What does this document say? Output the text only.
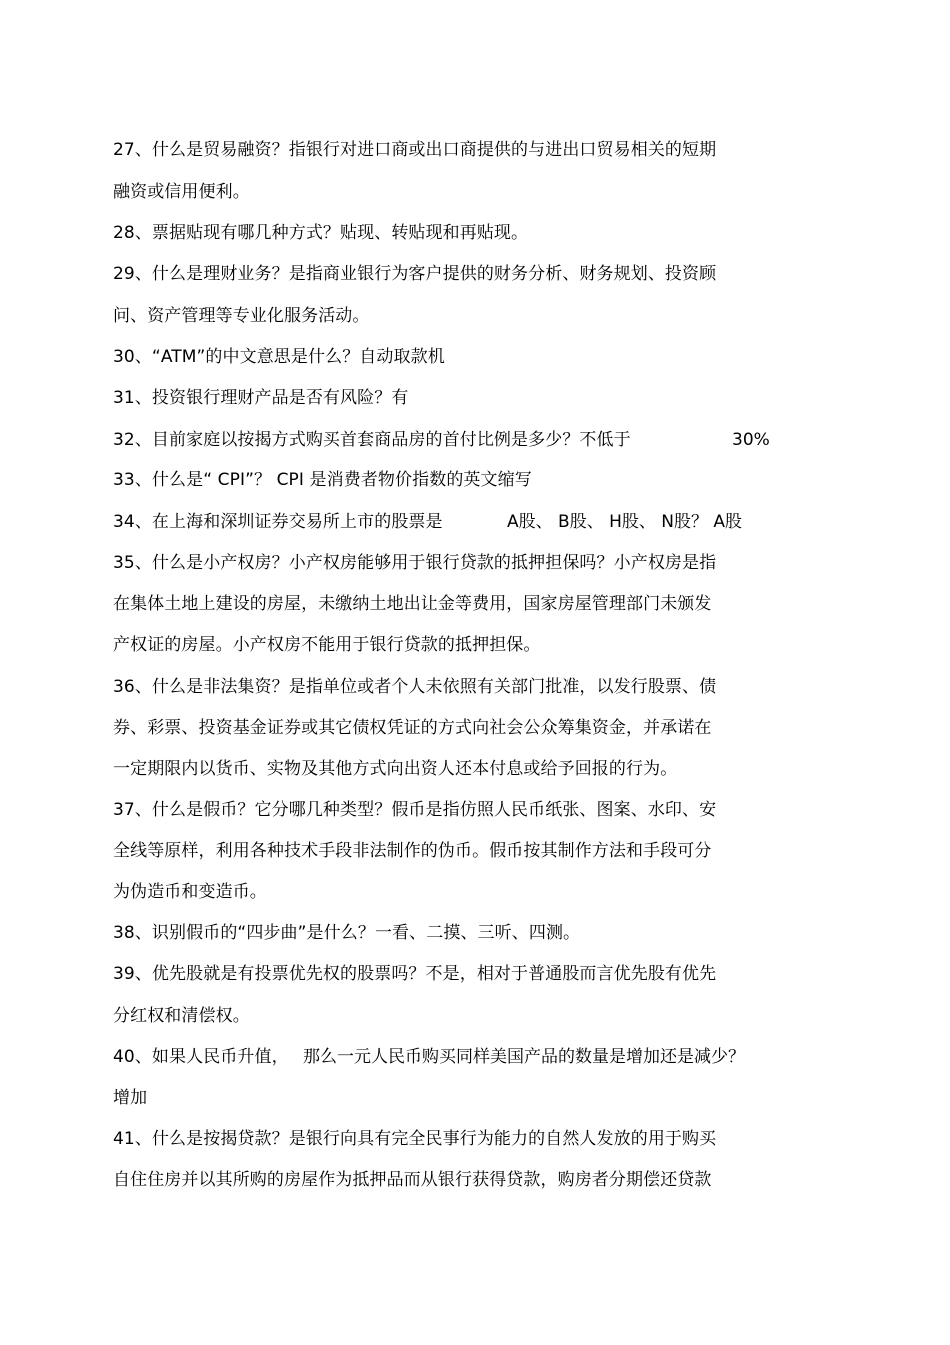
27、什么是贸易融资？指银行对进口商或出口商提供的与进出口贸易相关的短期
融资或信用便利。
28、票据贴现有哪几种方式？贴现、转贴现和再贴现。
29、什么是理财业务？是指商业银行为客户提供的财务分析、财务规划、投资顾
问、资产管理等专业化服务活动。
30、“ATM”的中文意思是什么？自动取款机
31、投资银行理财产品是否有风险？有
32、目前家庭以按揭方式购买首套商品房的首付比例是多少？不低于	30%
33、什么是“ CPI”？ CPI 是消费者物价指数的英文缩写
34、在上海和深圳证券交易所上市的股票是	A股、 B股、 H股、 N股？ A股
35、什么是小产权房？小产权房能够用于银行贷款的抵押担保吗？小产权房是指
在集体土地上建设的房屋，未缴纳土地出让金等费用，国家房屋管理部门未颁发
产权证的房屋。小产权房不能用于银行贷款的抵押担保。
36、什么是非法集资？是指单位或者个人未依照有关部门批准，以发行股票、债
券、彩票、投资基金证券或其它债权凭证的方式向社会公众筹集资金，并承诺在
一定期限内以货币、实物及其他方式向出资人还本付息或给予回报的行为。
37、什么是假币？它分哪几种类型？假币是指仿照人民币纸张、图案、水印、安
全线等原样，利用各种技术手段非法制作的伪币。假币按其制作方法和手段可分
为伪造币和变造币。
38、识别假币的“四步曲”是什么？一看、二摸、三听、四测。
39、优先股就是有投票优先权的股票吗？不是，相对于普通股而言优先股有优先
分红权和清偿权。
40、如果人民币升值， 那么一元人民币购买同样美国产品的数量是增加还是减少？
增加
41、什么是按揭贷款？是银行向具有完全民事行为能力的自然人发放的用于购买
自住住房并以其所购的房屋作为抵押品而从银行获得贷款，购房者分期偿还贷款
